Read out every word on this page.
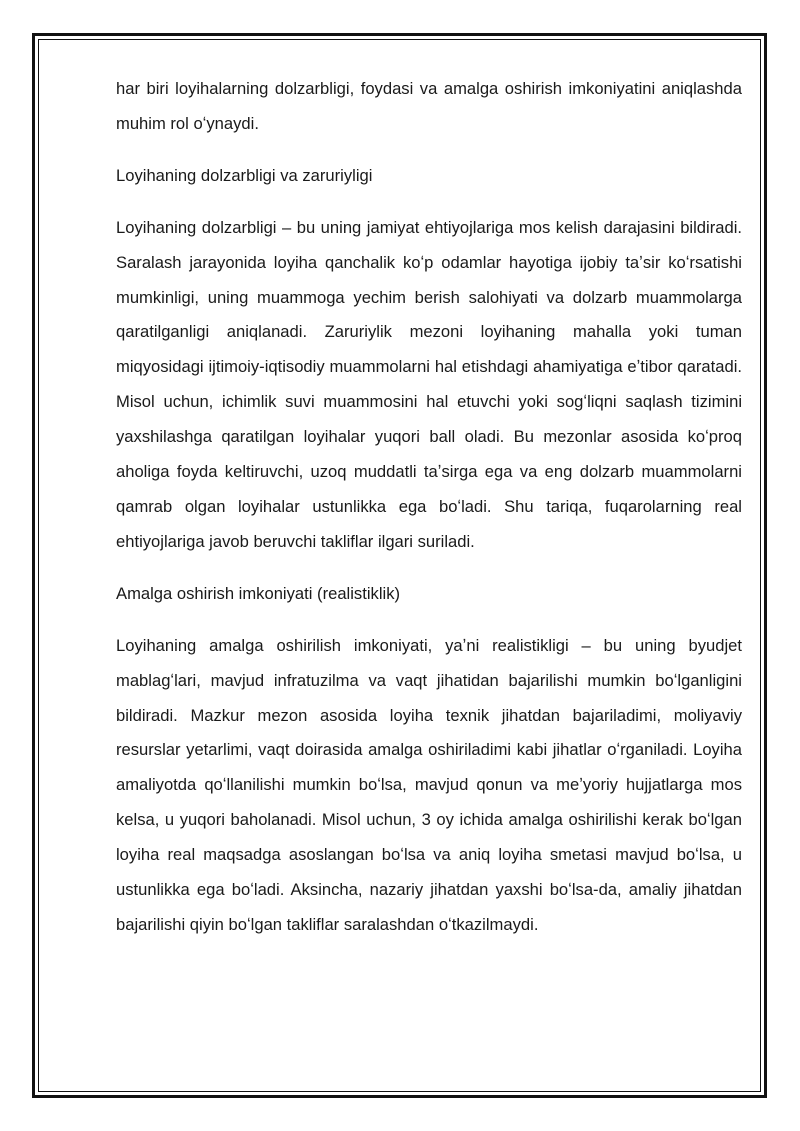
har biri loyihalarning dolzarbligi, foydasi va amalga oshirish imkoniyatini aniqlashda muhim rol oʻynaydi.

Loyihaning dolzarbligi va zaruriyligi

Loyihaning dolzarbligi – bu uning jamiyat ehtiyojlariga mos kelish darajasini bildiradi. Saralash jarayonida loyiha qanchalik koʻp odamlar hayotiga ijobiy taʼsir koʻrsatishi mumkinligi, uning muammoga yechim berish salohiyati va dolzarb muammolarga qaratilganligi aniqlanadi. Zaruriylik mezoni loyihaning mahalla yoki tuman miqyosidagi ijtimoiy-iqtisodiy muammolarni hal etishdagi ahamiyatiga eʼtibor qaratadi. Misol uchun, ichimlik suvi muammosini hal etuvchi yoki sogʻliqni saqlash tizimini yaxshilashga qaratilgan loyihalar yuqori ball oladi. Bu mezonlar asosida koʻproq aholiga foyda keltiruvchi, uzoq muddatli taʼsirga ega va eng dolzarb muammolarni qamrab olgan loyihalar ustunlikka ega boʻladi. Shu tariqa, fuqarolarning real ehtiyojlariga javob beruvchi takliflar ilgari suriladi.

Amalga oshirish imkoniyati (realistiklik)

Loyihaning amalga oshirilish imkoniyati, yaʼni realistikligi – bu uning byudjet mablagʻlari, mavjud infratuzilma va vaqt jihatidan bajarilishi mumkin boʻlganligini bildiradi. Mazkur mezon asosida loyiha texnik jihatdan bajariladimi, moliyaviy resurslar yetarlimi, vaqt doirasida amalga oshiriladimi kabi jihatlar oʻrganiladi. Loyiha amaliyotda qoʻllanilishi mumkin boʻlsa, mavjud qonun va meʼyoriy hujjatlarga mos kelsa, u yuqori baholanadi. Misol uchun, 3 oy ichida amalga oshirilishi kerak boʻlgan loyiha real maqsadga asoslangan boʻlsa va aniq loyiha smetasi mavjud boʻlsa, u ustunlikka ega boʻladi. Aksincha, nazariy jihatdan yaxshi boʻlsa-da, amaliy jihatdan bajarilishi qiyin boʻlgan takliflar saralashdan oʻtkazilmaydi.
